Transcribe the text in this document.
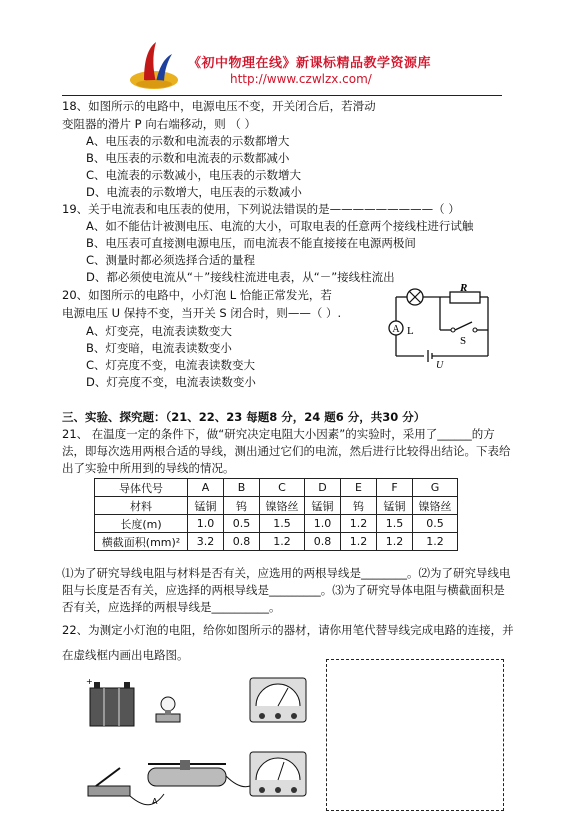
《初中物理在线》新课标精品教学资源库
http://www.czwlzx.com/
18、如图所示的电路中，电源电压不变，开关闭合后，若滑动
变阻器的滑片 P 向右端移动，则 （ ）
A、电压表的示数和电流表的示数都增大
B、电压表的示数和电流表的示数都减小
C、电流表的示数减小，电压表的示数增大
D、电流表的示数增大，电压表的示数减小
19、关于电流表和电压表的使用，下列说法错误的是—————————（ ）
A、如不能估计被测电压、电流的大小，可取电表的任意两个接线柱进行试触
B、电压表可直接测电源电压，而电流表不能直接接在电源两极间
C、测量时都必须选择合适的量程
D、都必须使电流从“＋”接线柱流进电表，从“－”接线柱流出
20、如图所示的电路中，小灯泡 L 恰能正常发光，若
电源电压 U 保持不变，当开关 S 闭合时，则——（ ）.
A、灯变亮，电流表读数变大
B、灯变暗，电流表读数变小
C、灯亮度不变，电流表读数变大
D、灯亮度不变，电流表读数变小
A
R
L
S
U
三、实验、探究题：（21、22、23 每题8 分，24 题6 分，共30 分）
21、 在温度一定的条件下，做“研究决定电阻大小因素”的实验时，采用了______的方
法，即每次选用两根合适的导线，测出通过它们的电流，然后进行比较得出结论。下表给
出了实验中所用到的导线的情况。
导体代号	A	B	C	D	E	F	G
材料	锰铜	钨	镍铬丝	锰铜	钨	锰铜	镍铬丝
长度(m)	1.0	0.5	1.5	1.0	1.2	1.5	0.5
横截面积(mm)²	3.2	0.8	1.2	0.8	1.2	1.2	1.2
⑴为了研究导线电阻与材料是否有关，应选用的两根导线是________。⑵为了研究导线电
阻与长度是否有关，应选择的两根导线是_________。⑶为了研究导体电阻与横截面积是
否有关，应选择的两根导线是__________。
22、为测定小灯泡的电阻，给你如图所示的器材，请你用笔代替导线完成电路的连接，并
在虚线框内画出电路图。
+
A
